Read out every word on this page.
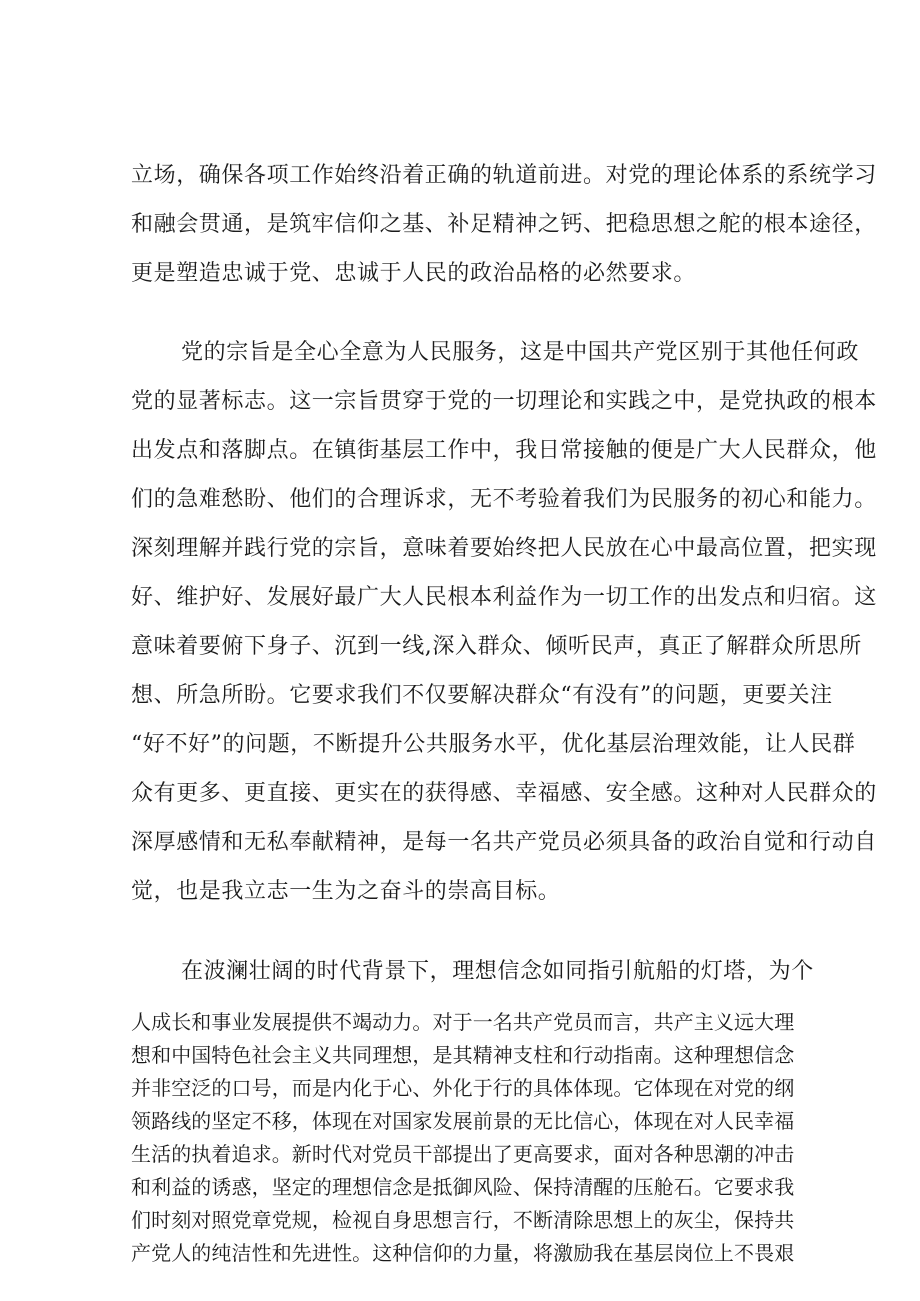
立场，确保各项工作始终沿着正确的轨道前进。对党的理论体系的系统学习

和融会贯通，是筑牢信仰之基、补足精神之钙、把稳思想之舵的根本途径，

更是塑造忠诚于党、忠诚于人民的政治品格的必然要求。

党的宗旨是全心全意为人民服务，这是中国共产党区别于其他任何政

党的显著标志。这一宗旨贯穿于党的一切理论和实践之中，是党执政的根本

出发点和落脚点。在镇街基层工作中，我日常接触的便是广大人民群众，他

们的急难愁盼、他们的合理诉求，无不考验着我们为民服务的初心和能力。

深刻理解并践行党的宗旨，意味着要始终把人民放在心中最高位置，把实现

好、维护好、发展好最广大人民根本利益作为一切工作的出发点和归宿。这

意味着要俯下身子、沉到一线,深入群众、倾听民声，真正了解群众所思所

想、所急所盼。它要求我们不仅要解决群众“有没有”的问题，更要关注

“好不好”的问题，不断提升公共服务水平，优化基层治理效能，让人民群

众有更多、更直接、更实在的获得感、幸福感、安全感。这种对人民群众的

深厚感情和无私奉献精神，是每一名共产党员必须具备的政治自觉和行动自

觉，也是我立志一生为之奋斗的崇高目标。

在波澜壮阔的时代背景下，理想信念如同指引航船的灯塔，为个

人成长和事业发展提供不竭动力。对于一名共产党员而言，共产主义远大理

想和中国特色社会主义共同理想，是其精神支柱和行动指南。这种理想信念

并非空泛的口号，而是内化于心、外化于行的具体体现。它体现在对党的纲

领路线的坚定不移，体现在对国家发展前景的无比信心，体现在对人民幸福

生活的执着追求。新时代对党员干部提出了更高要求，面对各种思潮的冲击

和利益的诱惑，坚定的理想信念是抵御风险、保持清醒的压舱石。它要求我

们时刻对照党章党规，检视自身思想言行，不断清除思想上的灰尘，保持共

产党人的纯洁性和先进性。这种信仰的力量，将激励我在基层岗位上不畏艰
